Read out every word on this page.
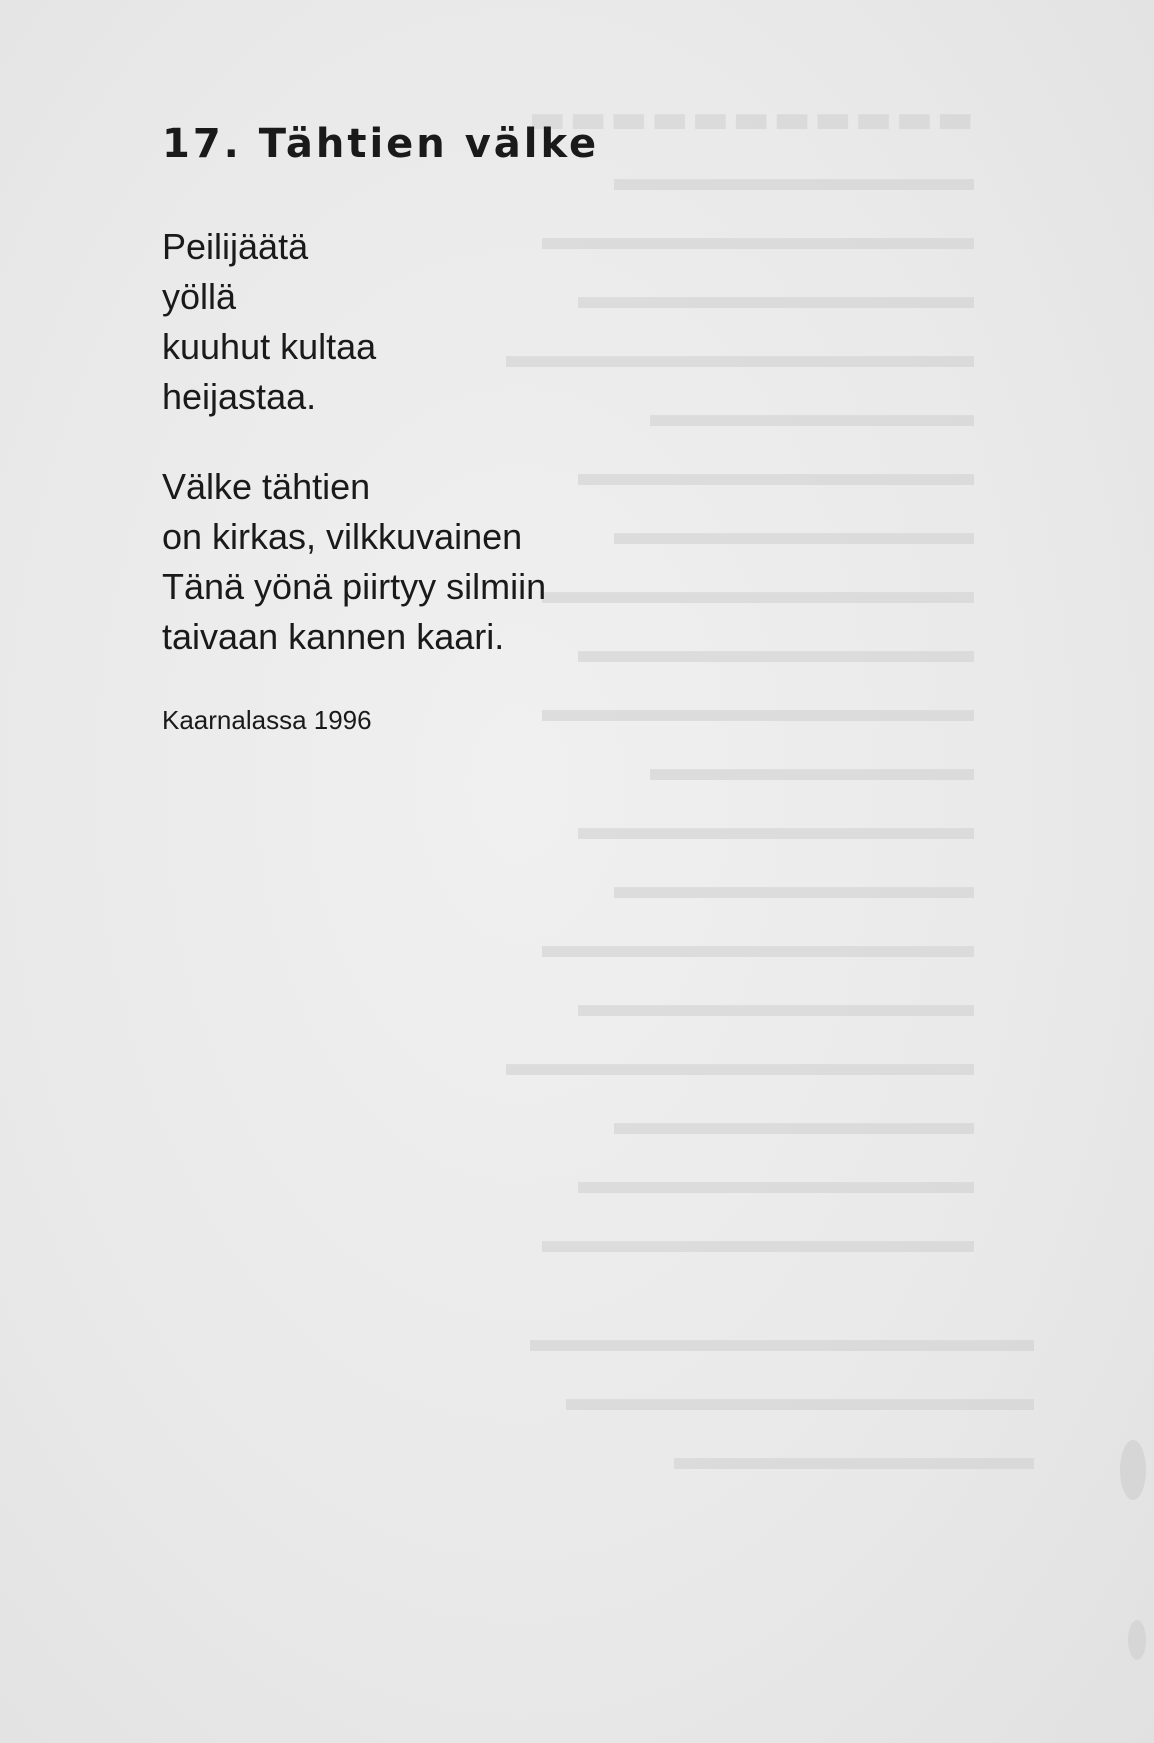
▬▬▬▬▬▬▬▬▬▬▬
▬▬▬▬▬▬▬▬▬▬
▬▬▬▬▬▬▬▬▬▬▬▬
▬▬▬▬▬▬▬▬▬▬▬
▬▬▬▬▬▬▬▬▬▬▬▬▬
▬▬▬▬▬▬▬▬▬
▬▬▬▬▬▬▬▬▬▬▬
▬▬▬▬▬▬▬▬▬▬
▬▬▬▬▬▬▬▬▬▬▬▬
▬▬▬▬▬▬▬▬▬▬▬
▬▬▬▬▬▬▬▬▬▬▬▬
▬▬▬▬▬▬▬▬▬
▬▬▬▬▬▬▬▬▬▬▬
▬▬▬▬▬▬▬▬▬▬
▬▬▬▬▬▬▬▬▬▬▬▬
▬▬▬▬▬▬▬▬▬▬▬
▬▬▬▬▬▬▬▬▬▬▬▬▬
▬▬▬▬▬▬▬▬▬▬
▬▬▬▬▬▬▬▬▬▬▬
▬▬▬▬▬▬▬▬▬▬▬▬
▬▬▬▬▬▬▬▬▬▬▬▬▬▬
▬▬▬▬▬▬▬▬▬▬▬▬▬
▬▬▬▬▬▬▬▬▬▬
17. Tähtien välke
Peilijäätä
yöllä
kuuhut kultaa
heijastaa.
Välke tähtien
on kirkas, vilkkuvainen
Tänä yönä piirtyy silmiin
taivaan kannen kaari.
Kaarnalassa 1996
